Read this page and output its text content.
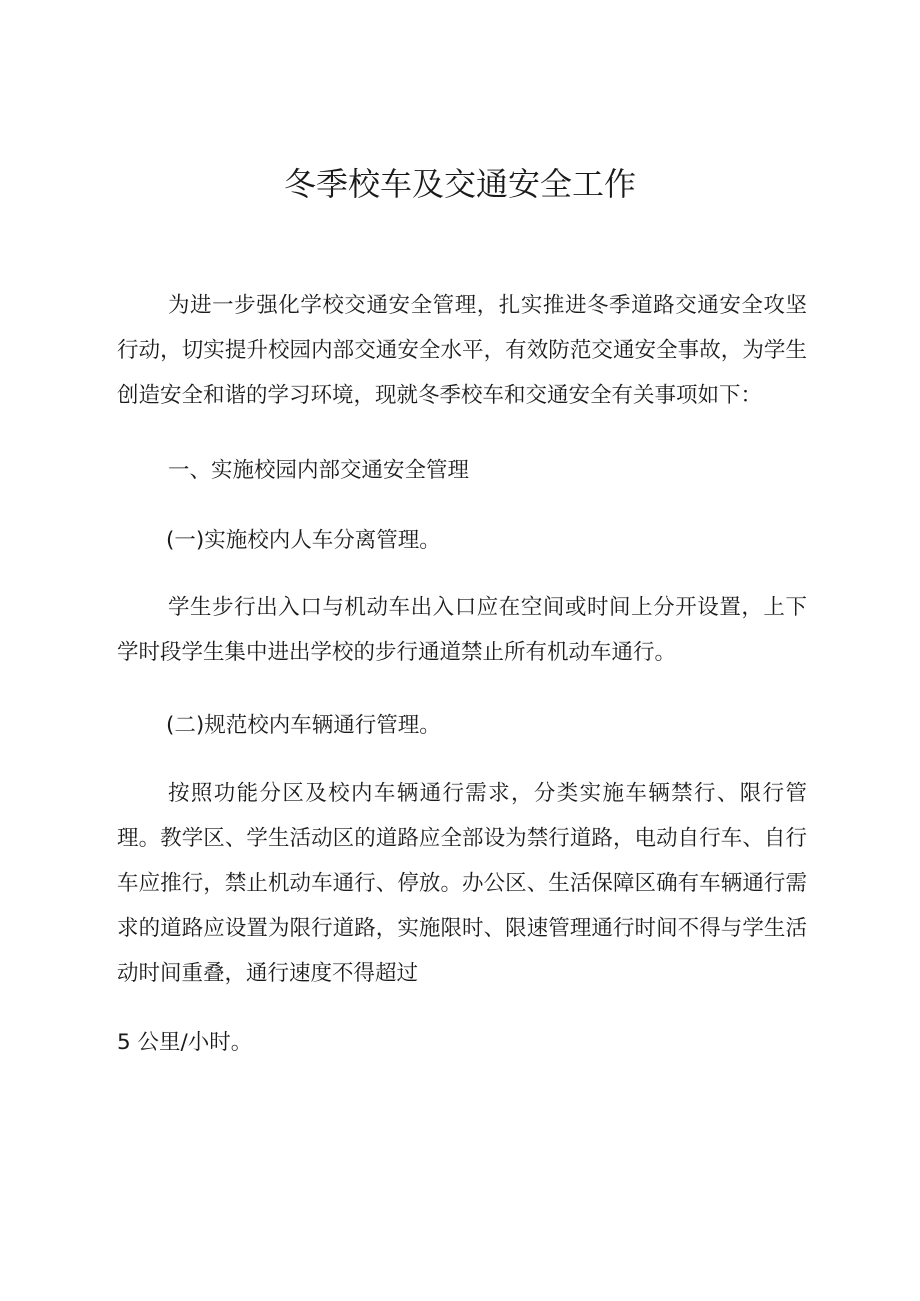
冬季校车及交通安全工作

为进一步强化学校交通安全管理，扎实推进冬季道路交通安全攻坚行动，切实提升校园内部交通安全水平，有效防范交通安全事故，为学生创造安全和谐的学习环境，现就冬季校车和交通安全有关事项如下：

一、实施校园内部交通安全管理

(一)实施校内人车分离管理。

学生步行出入口与机动车出入口应在空间或时间上分开设置，上下学时段学生集中进出学校的步行通道禁止所有机动车通行。

(二)规范校内车辆通行管理。

按照功能分区及校内车辆通行需求，分类实施车辆禁行、限行管理。教学区、学生活动区的道路应全部设为禁行道路，电动自行车、自行车应推行，禁止机动车通行、停放。办公区、生活保障区确有车辆通行需求的道路应设置为限行道路，实施限时、限速管理通行时间不得与学生活动时间重叠，通行速度不得超过

5 公里/小时。
